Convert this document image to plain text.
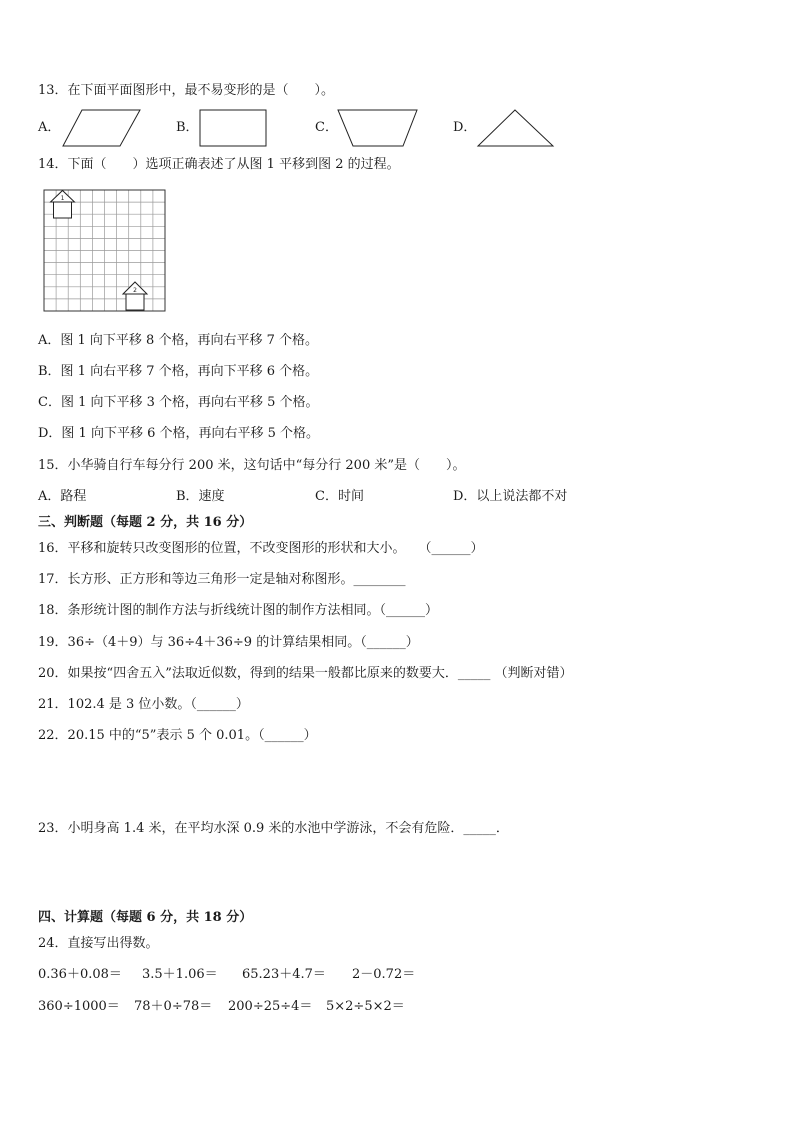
13．在下面平面图形中，最不易变形的是（　　）。
A．	B．	C．	D．
14．下面（　　）选项正确表述了从图 1 平移到图 2 的过程。
1
2
A．图 1 向下平移 8 个格，再向右平移 7 个格。
B．图 1 向右平移 7 个格，再向下平移 6 个格。
C．图 1 向下平移 3 个格，再向右平移 5 个格。
D．图 1 向下平移 6 个格，再向右平移 5 个格。
15．小华骑自行车每分行 200 米，这句话中“每分行 200 米”是（　　）。
A．路程	B．速度	C．时间	D．以上说法都不对
三、判断题（每题 2 分，共 16 分）
16．平移和旋转只改变图形的位置，不改变图形的形状和大小。　　（______）
17．长方形、正方形和等边三角形一定是轴对称图形。________
18．条形统计图的制作方法与折线统计图的制作方法相同。（______）
19．36÷（4＋9）与 36÷4＋36÷9 的计算结果相同。（______）
20．如果按“四舍五入”法取近似数，得到的结果一般都比原来的数要大．_____ （判断对错）
21．102.4 是 3 位小数。（______）
22．20.15 中的“5”表示 5 个 0.01。（______）
23．小明身高 1.4 米，在平均水深 0.9 米的水池中学游泳，不会有危险．_____．
四、计算题（每题 6 分，共 18 分）
24．直接写出得数。
0.36＋0.08＝ 3.5＋1.06＝ 65.23＋4.7＝ 2－0.72＝
360÷1000＝ 78＋0÷78＝ 200÷25÷4＝ 5×2÷5×2＝
